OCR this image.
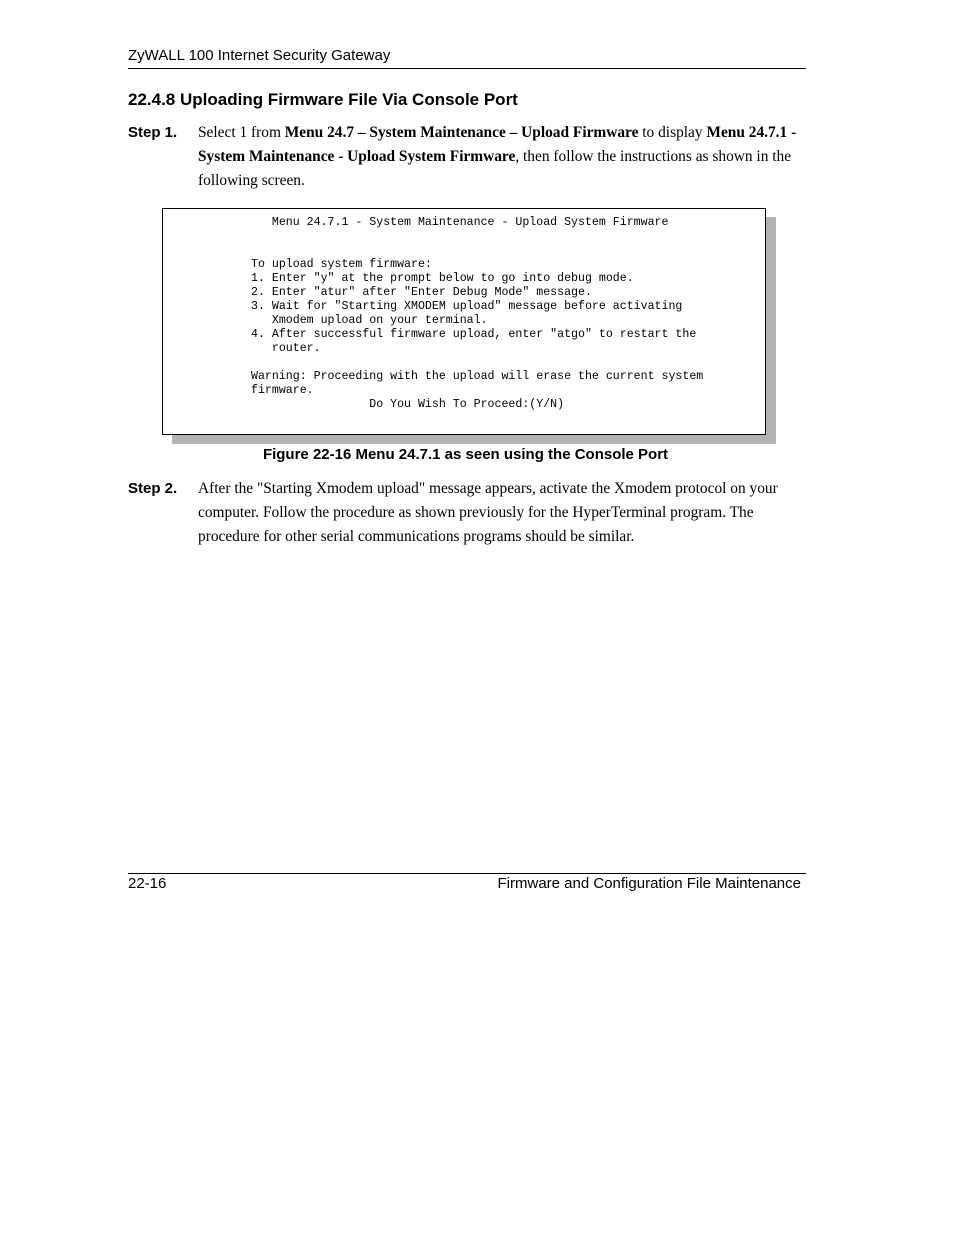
ZyWALL 100 Internet Security Gateway
22.4.8 Uploading Firmware File Via Console Port
Step 1. Select 1 from Menu 24.7 – System Maintenance – Upload Firmware to display Menu 24.7.1 - System Maintenance - Upload System Firmware, then follow the instructions as shown in the following screen.

Menu 24.7.1 - System Maintenance - Upload System Firmware

To upload system firmware:
1. Enter "y" at the prompt below to go into debug mode.
2. Enter "atur" after "Enter Debug Mode" message.
3. Wait for "Starting XMODEM upload" message before activating
Xmodem upload on your terminal.
4. After successful firmware upload, enter "atgo" to restart the
router.

Warning: Proceeding with the upload will erase the current system
firmware.
Do You Wish To Proceed:(Y/N)
Figure 22-16 Menu 24.7.1 as seen using the Console Port
Step 2. After the "Starting Xmodem upload" message appears, activate the Xmodem protocol on your computer. Follow the procedure as shown previously for the HyperTerminal program. The procedure for other serial communications programs should be similar.

22-16	Firmware and Configuration File Maintenance
